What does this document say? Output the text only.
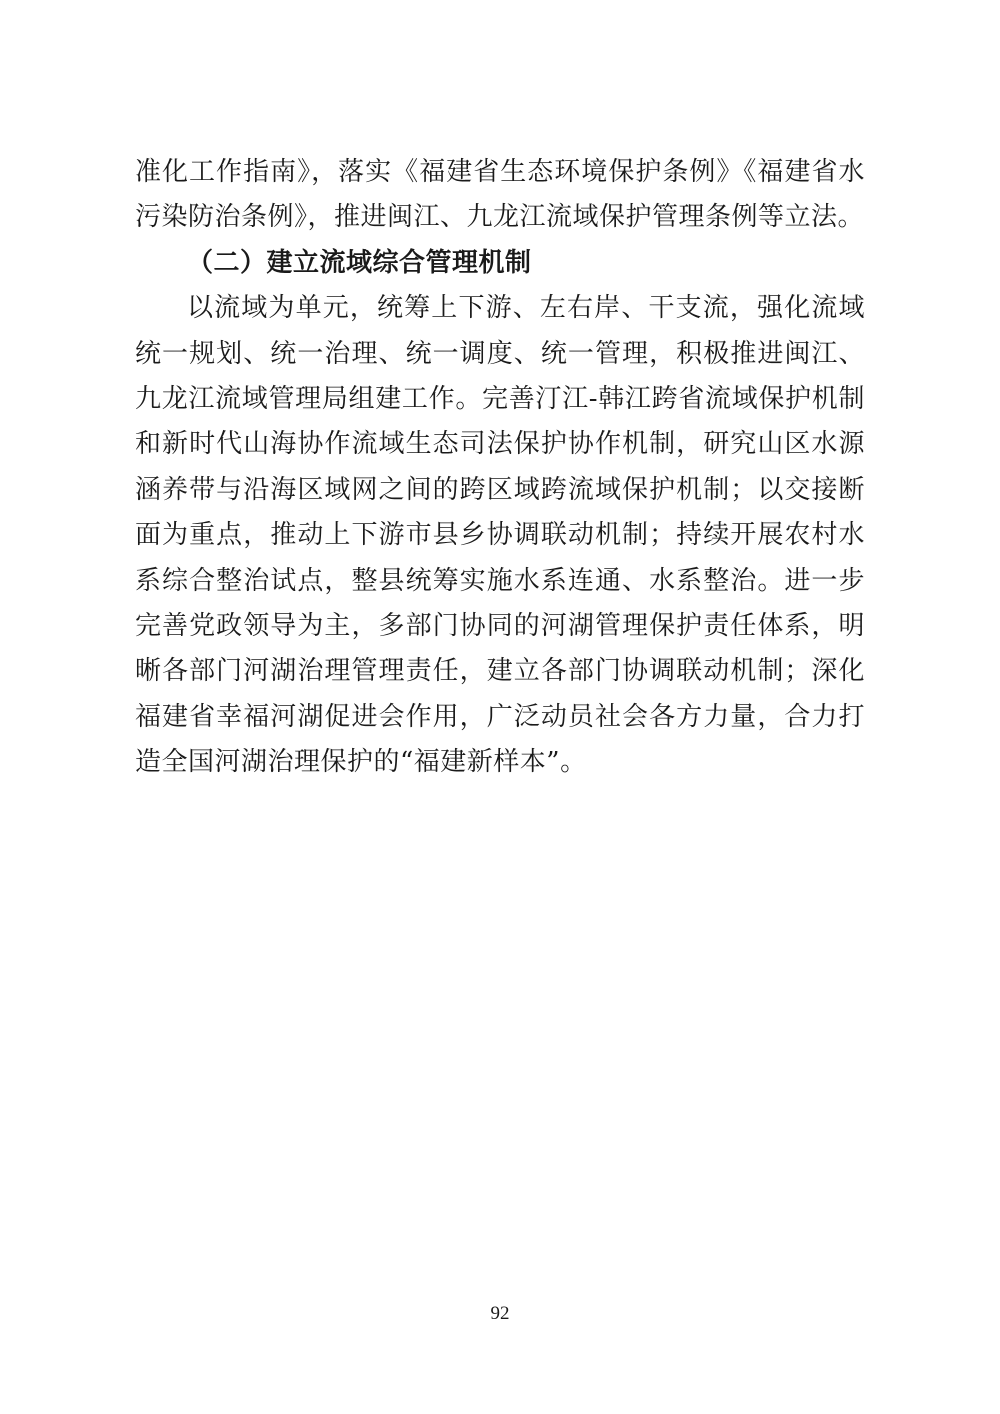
准化工作指南》，落实《福建省生态环境保护条例》《福建省水
污染防治条例》，推进闽江、九龙江流域保护管理条例等立法。
（二）建立流域综合管理机制
以流域为单元，统筹上下游、左右岸、干支流，强化流域
统一规划、统一治理、统一调度、统一管理，积极推进闽江、
九龙江流域管理局组建工作。完善汀江-韩江跨省流域保护机制
和新时代山海协作流域生态司法保护协作机制，研究山区水源
涵养带与沿海区域网之间的跨区域跨流域保护机制；以交接断
面为重点，推动上下游市县乡协调联动机制；持续开展农村水
系综合整治试点，整县统筹实施水系连通、水系整治。进一步
完善党政领导为主，多部门协同的河湖管理保护责任体系，明
晰各部门河湖治理管理责任，建立各部门协调联动机制；深化
福建省幸福河湖促进会作用，广泛动员社会各方力量，合力打
造全国河湖治理保护的“福建新样本”。
92
